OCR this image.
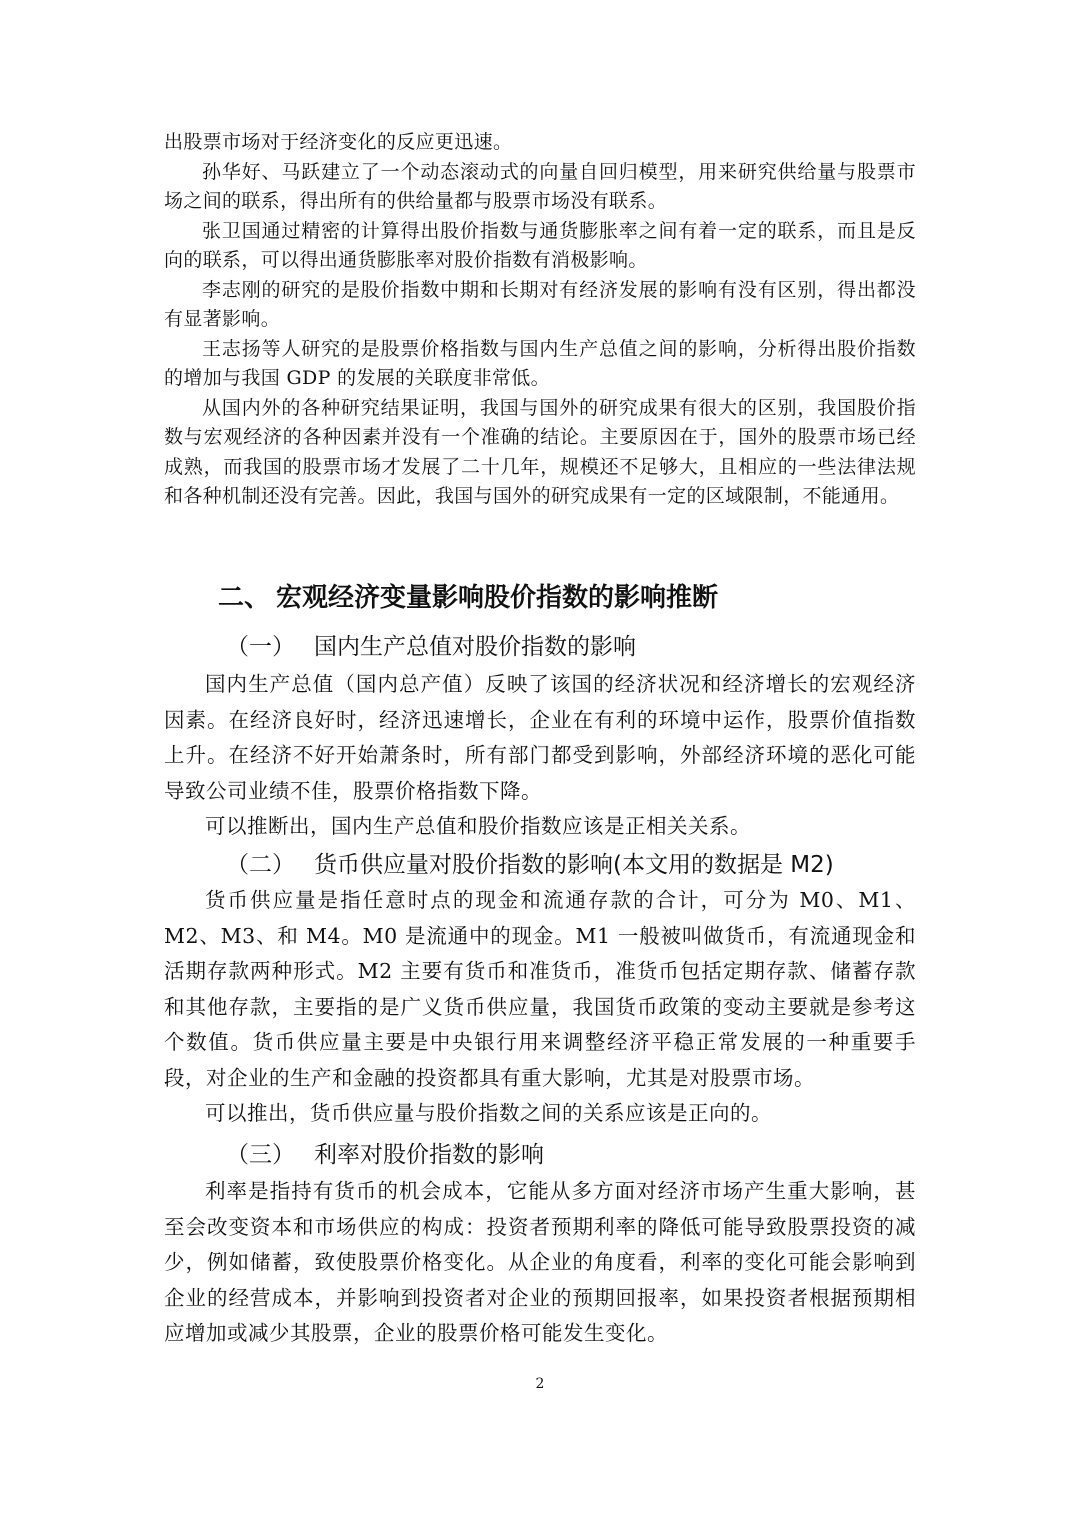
出股票市场对于经济变化的反应更迅速。

孙华好、马跃建立了一个动态滚动式的向量自回归模型，用来研究供给量与股票市场之间的联系，得出所有的供给量都与股票市场没有联系。

张卫国通过精密的计算得出股价指数与通货膨胀率之间有着一定的联系，而且是反向的联系，可以得出通货膨胀率对股价指数有消极影响。

李志刚的研究的是股价指数中期和长期对有经济发展的影响有没有区别，得出都没有显著影响。

王志扬等人研究的是股票价格指数与国内生产总值之间的影响，分析得出股价指数的增加与我国 GDP 的发展的关联度非常低。

从国内外的各种研究结果证明，我国与国外的研究成果有很大的区别，我国股价指数与宏观经济的各种因素并没有一个准确的结论。主要原因在于，国外的股票市场已经成熟，而我国的股票市场才发展了二十几年，规模还不足够大，且相应的一些法律法规和各种机制还没有完善。因此，我国与国外的研究成果有一定的区域限制，不能通用。

二、 宏观经济变量影响股价指数的影响推断
（一） 国内生产总值对股价指数的影响

国内生产总值（国内总产值）反映了该国的经济状况和经济增长的宏观经济因素。在经济良好时，经济迅速增长，企业在有利的环境中运作，股票价值指数上升。在经济不好开始萧条时，所有部门都受到影响，外部经济环境的恶化可能导致公司业绩不佳，股票价格指数下降。

可以推断出，国内生产总值和股价指数应该是正相关关系。

（二） 货币供应量对股价指数的影响(本文用的数据是 M2)

货币供应量是指任意时点的现金和流通存款的合计，可分为 M0、M1、M2、M3、和 M4。M0 是流通中的现金。M1 一般被叫做货币，有流通现金和活期存款两种形式。M2 主要有货币和准货币，准货币包括定期存款、储蓄存款和其他存款，主要指的是广义货币供应量，我国货币政策的变动主要就是参考这个数值。货币供应量主要是中央银行用来调整经济平稳正常发展的一种重要手段，对企业的生产和金融的投资都具有重大影响，尤其是对股票市场。

可以推出，货币供应量与股价指数之间的关系应该是正向的。

（三） 利率对股价指数的影响

利率是指持有货币的机会成本，它能从多方面对经济市场产生重大影响，甚至会改变资本和市场供应的构成：投资者预期利率的降低可能导致股票投资的减少，例如储蓄，致使股票价格变化。从企业的角度看，利率的变化可能会影响到企业的经营成本，并影响到投资者对企业的预期回报率，如果投资者根据预期相应增加或减少其股票，企业的股票价格可能发生变化。

2
